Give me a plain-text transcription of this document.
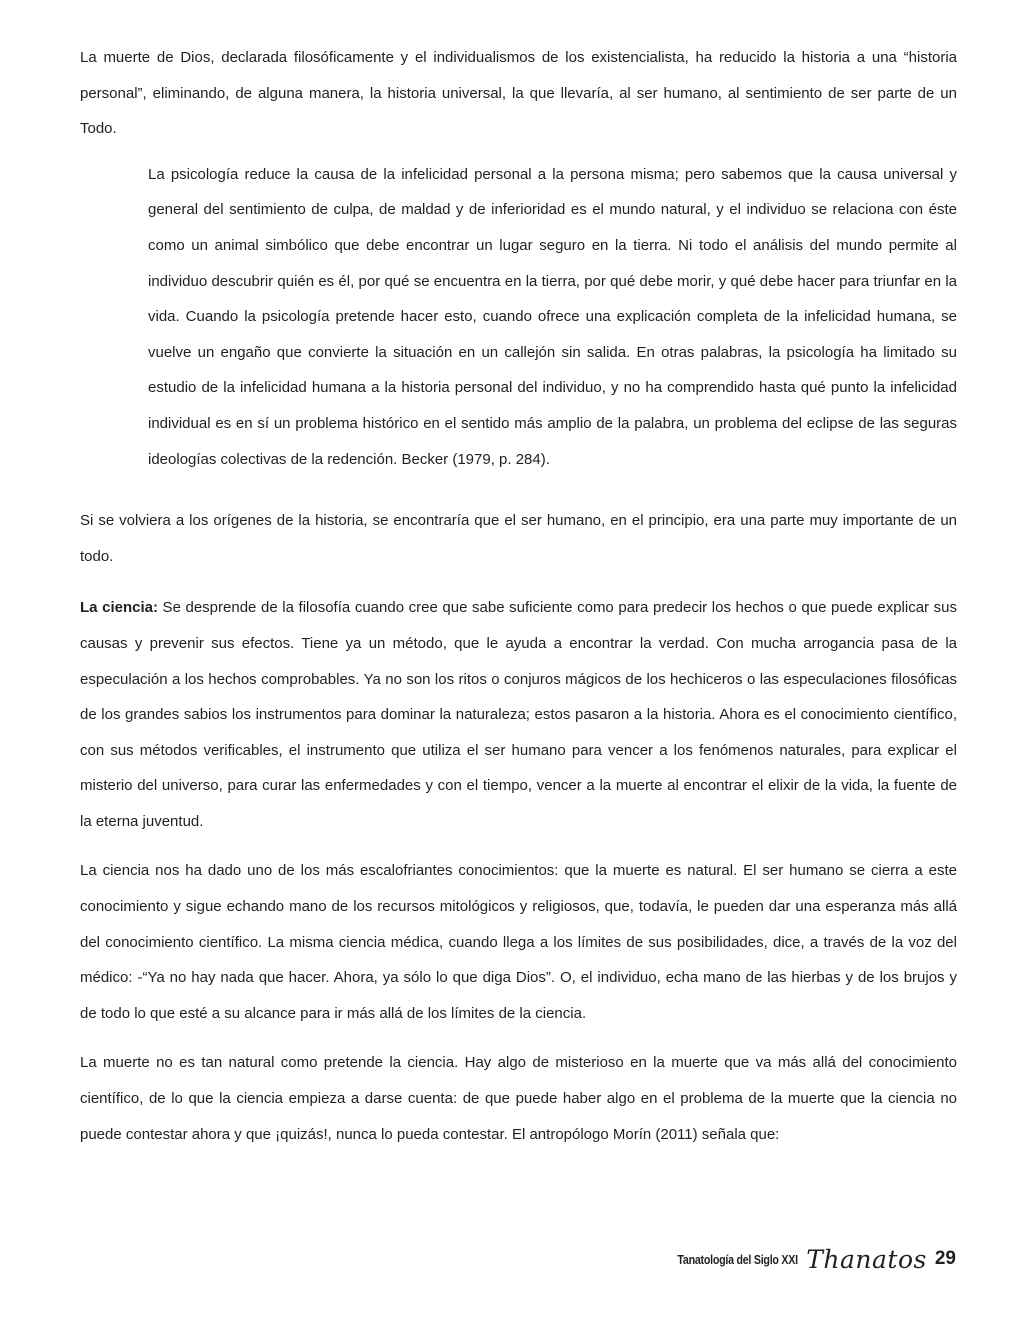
La muerte de Dios, declarada filosóficamente y el individualismos de los existencialista, ha reducido la historia a una “historia personal”, eliminando, de alguna manera, la historia universal, la que llevaría, al ser humano, al sentimiento de ser parte de un Todo.

La psicología reduce la causa de la infelicidad personal a la persona misma; pero sabemos que la causa universal y general del sentimiento de culpa, de maldad y de inferioridad es el mundo natural, y el individuo se relaciona con éste como un animal simbólico que debe encontrar un lugar seguro en la tierra. Ni todo el análisis del mundo permite al individuo descubrir quién es él, por qué se encuentra en la tierra, por qué debe morir, y qué debe hacer para triunfar en la vida. Cuando la psicología pretende hacer esto, cuando ofrece una explicación completa de la infelicidad humana, se vuelve un engaño que convierte la situación en un callejón sin salida. En otras palabras, la psicología ha limitado su estudio de la infelicidad humana a la historia personal del individuo, y no ha comprendido hasta qué punto la infelicidad individual es en sí un problema histórico en el sentido más amplio de la palabra, un problema del eclipse de las seguras ideologías colectivas de la redención. Becker (1979, p. 284).

Si se volviera a los orígenes de la historia, se encontraría que el ser humano, en el principio, era una parte muy importante de un todo.

La ciencia: Se desprende de la filosofía cuando cree que sabe suficiente como para predecir los hechos o que puede explicar sus causas y prevenir sus efectos. Tiene ya un método, que le ayuda a encontrar la verdad. Con mucha arrogancia pasa de la especulación a los hechos comprobables. Ya no son los ritos o conjuros mágicos de los hechiceros o las especulaciones filosóficas de los grandes sabios los instrumentos para dominar la naturaleza; estos pasaron a la historia. Ahora es el conocimiento científico, con sus métodos verificables, el instrumento que utiliza el ser humano para vencer a los fenómenos naturales, para explicar el misterio del universo, para curar las enfermedades y con el tiempo, vencer a la muerte al encontrar el elixir de la vida, la fuente de la eterna juventud.

La ciencia nos ha dado uno de los más escalofriantes conocimientos: que la muerte es natural. El ser humano se cierra a este conocimiento y sigue echando mano de los recursos mitológicos y religiosos, que, todavía, le pueden dar una esperanza más allá del conocimiento científico. La misma ciencia médica, cuando llega a los límites de sus posibilidades, dice, a través de la voz del médico: -“Ya no hay nada que hacer. Ahora, ya sólo lo que diga Dios”. O, el individuo, echa mano de las hierbas y de los brujos y de todo lo que esté a su alcance para ir más allá de los límites de la ciencia.

La muerte no es tan natural como pretende la ciencia. Hay algo de misterioso en la muerte que va más allá del conocimiento científico, de lo que la ciencia empieza a darse cuenta: de que puede haber algo en el problema de la muerte que la ciencia no puede contestar ahora y que ¡quizás!, nunca lo pueda contestar. El antropólogo Morín (2011) señala que:

Tanatología del Siglo XXI Thanatos 29
